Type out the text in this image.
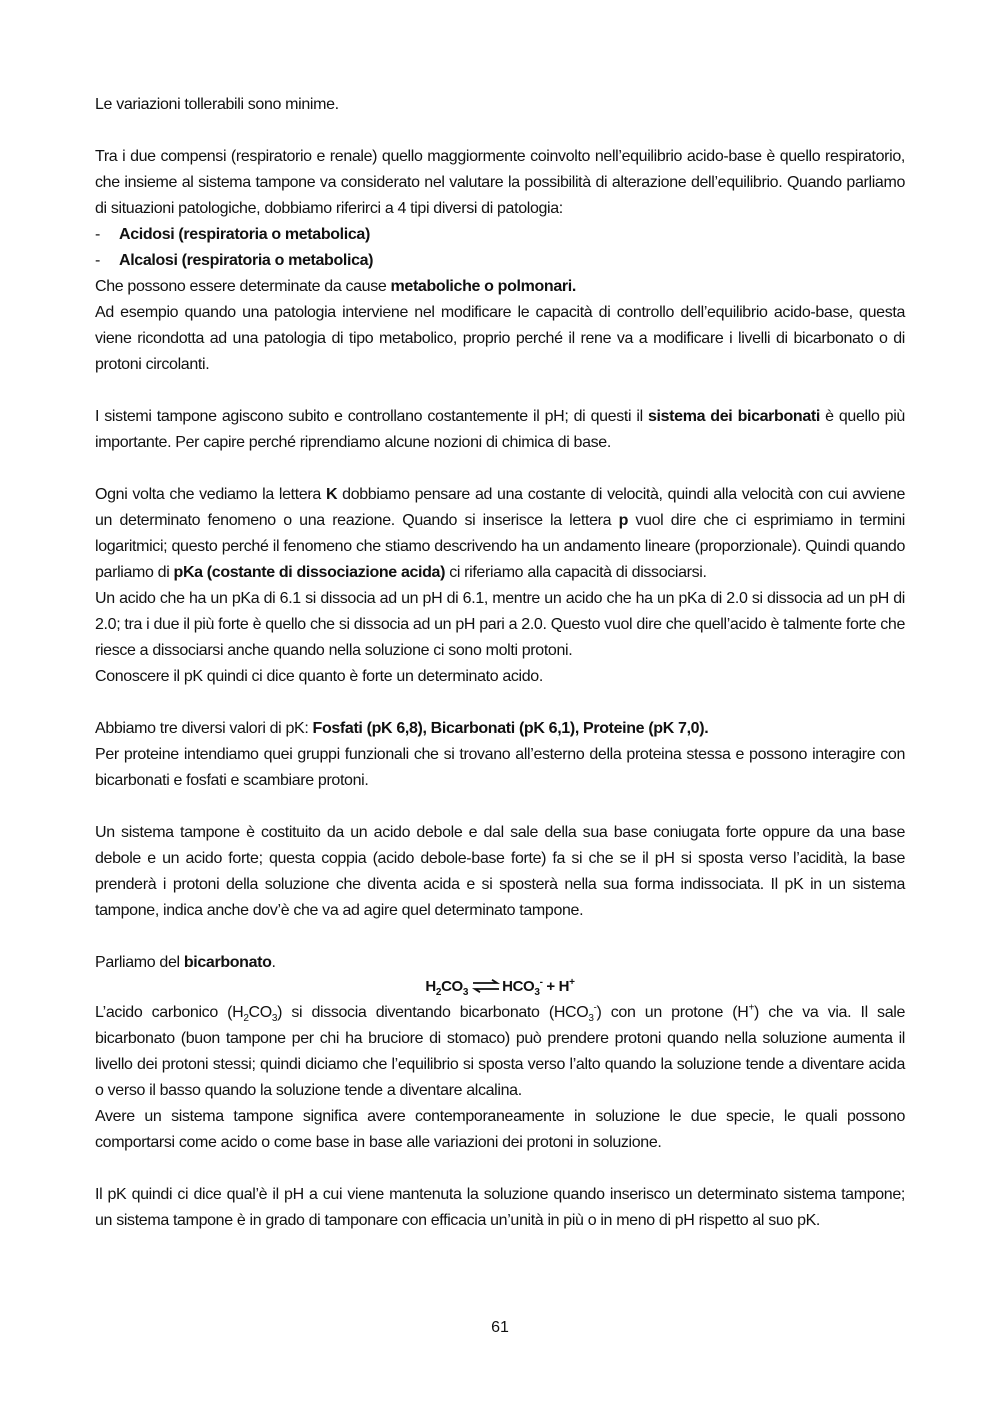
Le variazioni tollerabili sono minime.

Tra i due compensi (respiratorio e renale) quello maggiormente coinvolto nell’equilibrio acido-base è quello respiratorio, che insieme al sistema tampone va considerato nel valutare la possibilità di alterazione dell’equilibrio. Quando parliamo di situazioni patologiche, dobbiamo riferirci a 4 tipi diversi di patologia:

-	Acidosi (respiratoria o metabolica)
-	Alcalosi (respiratoria o metabolica)

Che possono essere determinate da cause metaboliche o polmonari.

Ad esempio quando una patologia interviene nel modificare le capacità di controllo dell’equilibrio acido-base, questa viene ricondotta ad una patologia di tipo metabolico, proprio perché il rene va a modificare i livelli di bicarbonato o di protoni circolanti.

I sistemi tampone agiscono subito e controllano costantemente il pH; di questi il sistema dei bicarbonati è quello più importante. Per capire perché riprendiamo alcune nozioni di chimica di base.

Ogni volta che vediamo la lettera K dobbiamo pensare ad una costante di velocità, quindi alla velocità con cui avviene un determinato fenomeno o una reazione. Quando si inserisce la lettera p vuol dire che ci esprimiamo in termini logaritmici; questo perché il fenomeno che stiamo descrivendo ha un andamento lineare (proporzionale). Quindi quando parliamo di pKa (costante di dissociazione acida) ci riferiamo alla capacità di dissociarsi.

Un acido che ha un pKa di 6.1 si dissocia ad un pH di 6.1, mentre un acido che ha un pKa di 2.0 si dissocia ad un pH di 2.0; tra i due il più forte è quello che si dissocia ad un pH pari a 2.0. Questo vuol dire che quell’acido è talmente forte che riesce a dissociarsi anche quando nella soluzione ci sono molti protoni.

Conoscere il pK quindi ci dice quanto è forte un determinato acido.

Abbiamo tre diversi valori di pK: Fosfati (pK 6,8), Bicarbonati (pK 6,1), Proteine (pK 7,0).

Per proteine intendiamo quei gruppi funzionali che si trovano all’esterno della proteina stessa e possono interagire con bicarbonati e fosfati e scambiare protoni.

Un sistema tampone è costituito da un acido debole e dal sale della sua base coniugata forte oppure da una base debole e un acido forte; questa coppia (acido debole-base forte) fa si che se il pH si sposta verso l’acidità, la base prenderà i protoni della soluzione che diventa acida e si sposterà nella sua forma indissociata. Il pK in un sistema tampone, indica anche dov’è che va ad agire quel determinato tampone.

Parliamo del bicarbonato.

$H_2CO_3$ $\rightleftharpoons HCO_3^- + H^+$

L’acido carbonico $(H_2CO_3)$ si dissocia diventando bicarbonato $(HCO_3^-)$ con un protone (H+) che va via. Il sale bicarbonato (buon tampone per chi ha bruciore di stomaco) può prendere protoni quando nella soluzione aumenta il livello dei protoni stessi; quindi diciamo che l’equilibrio si sposta verso l’alto quando la soluzione tende a diventare acida o verso il basso quando la soluzione tende a diventare alcalina.

Avere un sistema tampone significa avere contemporaneamente in soluzione le due specie, le quali possono comportarsi come acido o come base in base alle variazioni dei protoni in soluzione.

Il pK quindi ci dice qual’è il pH a cui viene mantenuta la soluzione quando inserisco un determinato sistema tampone; un sistema tampone è in grado di tamponare con efficacia un’unità in più o in meno di pH rispetto al suo pK.

61
